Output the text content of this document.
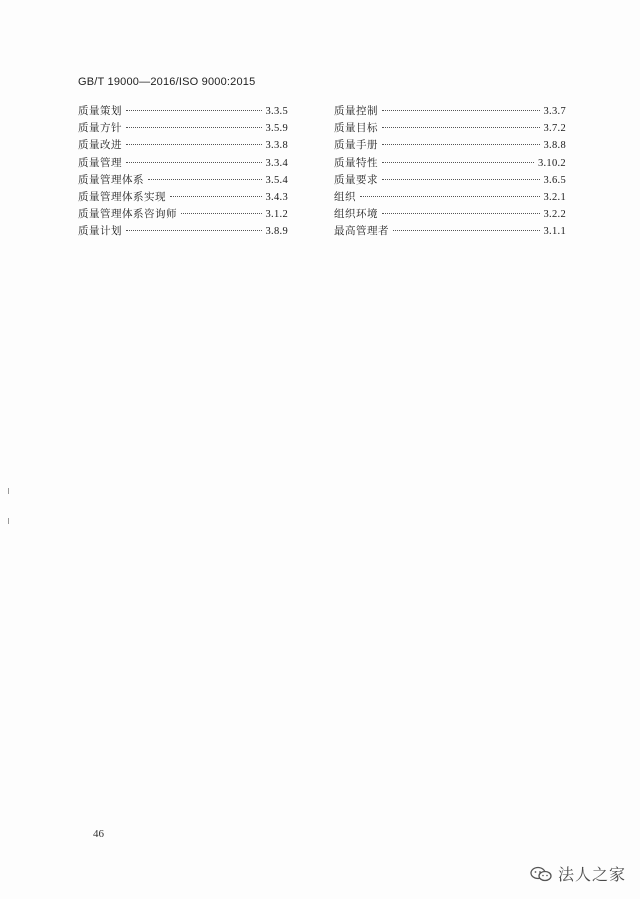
GB/T 19000—2016/ISO 9000:2015
质量策划	3.3.5
质量方针	3.5.9
质量改进	3.3.8
质量管理	3.3.4
质量管理体系	3.5.4
质量管理体系实现	3.4.3
质量管理体系咨询师	3.1.2
质量计划	3.8.9
质量控制	3.3.7
质量目标	3.7.2
质量手册	3.8.8
质量特性	3.10.2
质量要求	3.6.5
组织	3.2.1
组织环境	3.2.2
最高管理者	3.1.1
46
法人之家
